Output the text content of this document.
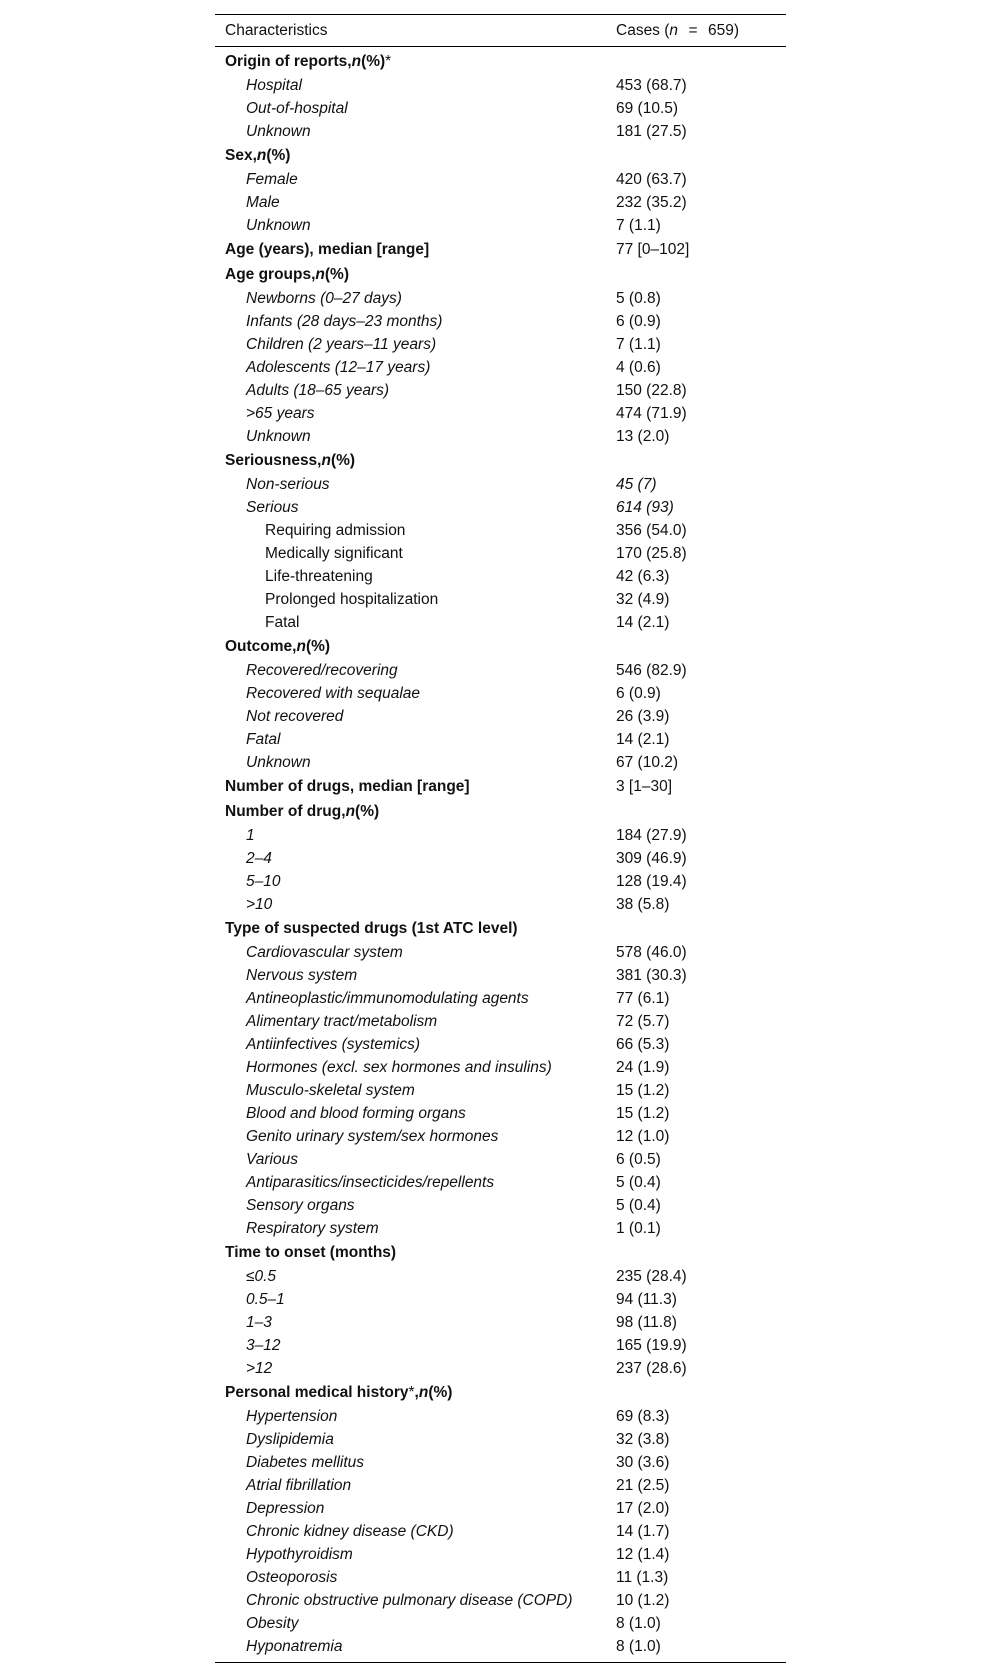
Characteristics	Cases (n = 659)
Origin of reports,n(%)*
Hospital	453 (68.7)
Out-of-hospital	69 (10.5)
Unknown	181 (27.5)
Sex,n(%)
Female	420 (63.7)
Male	232 (35.2)
Unknown	7 (1.1)
Age (years), median [range]	77 [0–102]
Age groups,n(%)
Newborns (0–27 days)	5 (0.8)
Infants (28 days–23 months)	6 (0.9)
Children (2 years–11 years)	7 (1.1)
Adolescents (12–17 years)	4 (0.6)
Adults (18–65 years)	150 (22.8)
>65 years	474 (71.9)
Unknown	13 (2.0)
Seriousness,n(%)
Non-serious	45 (7)
Serious	614 (93)
Requiring admission	356 (54.0)
Medically significant	170 (25.8)
Life-threatening	42 (6.3)
Prolonged hospitalization	32 (4.9)
Fatal	14 (2.1)
Outcome,n(%)
Recovered/recovering	546 (82.9)
Recovered with sequalae	6 (0.9)
Not recovered	26 (3.9)
Fatal	14 (2.1)
Unknown	67 (10.2)
Number of drugs, median [range]	3 [1–30]
Number of drug,n(%)
1	184 (27.9)
2–4	309 (46.9)
5–10	128 (19.4)
>10	38 (5.8)
Type of suspected drugs (1st ATC level)
Cardiovascular system	578 (46.0)
Nervous system	381 (30.3)
Antineoplastic/immunomodulating agents	77 (6.1)
Alimentary tract/metabolism	72 (5.7)
Antiinfectives (systemics)	66 (5.3)
Hormones (excl. sex hormones and insulins)	24 (1.9)
Musculo-skeletal system	15 (1.2)
Blood and blood forming organs	15 (1.2)
Genito urinary system/sex hormones	12 (1.0)
Various	6 (0.5)
Antiparasitics/insecticides/repellents	5 (0.4)
Sensory organs	5 (0.4)
Respiratory system	1 (0.1)
Time to onset (months)
≤0.5	235 (28.4)
0.5–1	94 (11.3)
1–3	98 (11.8)
3–12	165 (19.9)
>12	237 (28.6)
Personal medical history*,n(%)
Hypertension	69 (8.3)
Dyslipidemia	32 (3.8)
Diabetes mellitus	30 (3.6)
Atrial fibrillation	21 (2.5)
Depression	17 (2.0)
Chronic kidney disease (CKD)	14 (1.7)
Hypothyroidism	12 (1.4)
Osteoporosis	11 (1.3)
Chronic obstructive pulmonary disease (COPD)	10 (1.2)
Obesity	8 (1.0)
Hyponatremia	8 (1.0)
